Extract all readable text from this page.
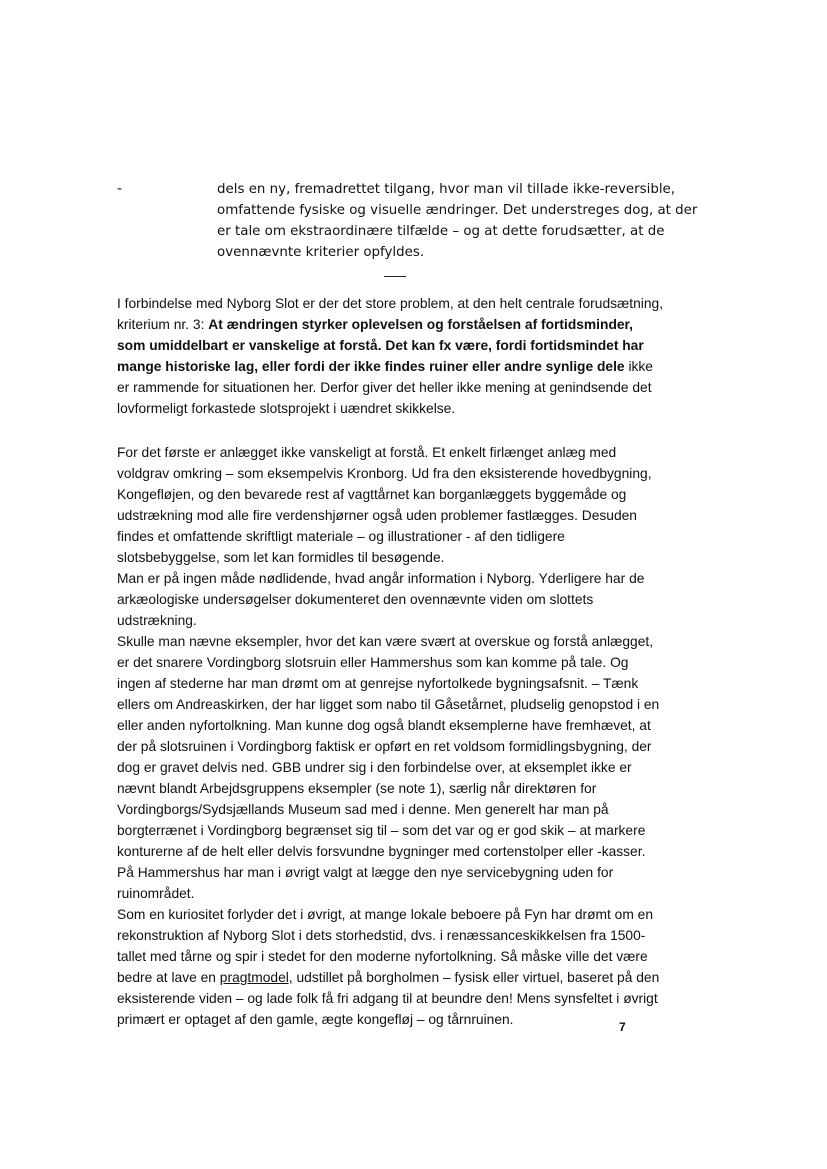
-	dels en ny, fremadrettet tilgang, hvor man vil tillade ikke-reversible,
omfattende fysiske og visuelle ændringer. Det understreges dog, at der
er tale om ekstraordinære tilfælde – og at dette forudsætter, at de
ovennævnte kriterier opfyldes.
I forbindelse med Nyborg Slot er der det store problem, at den helt centrale forudsætning,
kriterium nr. 3: At ændringen styrker oplevelsen og forståelsen af fortidsminder,
som umiddelbart er vanskelige at forstå. Det kan fx være, fordi fortidsmindet har
mange historiske lag, eller fordi der ikke findes ruiner eller andre synlige dele ikke
er rammende for situationen her. Derfor giver det heller ikke mening at genindsende det
lovformeligt forkastede slotsprojekt i uændret skikkelse.
For det første er anlægget ikke vanskeligt at forstå. Et enkelt firlænget anlæg med
voldgrav omkring – som eksempelvis Kronborg. Ud fra den eksisterende hovedbygning,
Kongefløjen, og den bevarede rest af vagttårnet kan borganlæggets byggemåde og
udstrækning mod alle fire verdenshjørner også uden problemer fastlægges. Desuden
findes et omfattende skriftligt materiale – og illustrationer - af den tidligere
slotsbebyggelse, som let kan formidles til besøgende.
Man er på ingen måde nødlidende, hvad angår information i Nyborg. Yderligere har de
arkæologiske undersøgelser dokumenteret den ovennævnte viden om slottets
udstrækning.
Skulle man nævne eksempler, hvor det kan være svært at overskue og forstå anlægget,
er det snarere Vordingborg slotsruin eller Hammershus som kan komme på tale. Og
ingen af stederne har man drømt om at genrejse nyfortolkede bygningsafsnit. – Tænk
ellers om Andreaskirken, der har ligget som nabo til Gåsetårnet, pludselig genopstod i en
eller anden nyfortolkning. Man kunne dog også blandt eksemplerne have fremhævet, at
der på slotsruinen i Vordingborg faktisk er opført en ret voldsom formidlingsbygning, der
dog er gravet delvis ned. GBB undrer sig i den forbindelse over, at eksemplet ikke er
nævnt blandt Arbejdsgruppens eksempler (se note 1), særlig når direktøren for
Vordingborgs/Sydsjællands Museum sad med i denne. Men generelt har man på
borgterrænet i Vordingborg begrænset sig til – som det var og er god skik – at markere
konturerne af de helt eller delvis forsvundne bygninger med cortenstolper eller -kasser.
På Hammershus har man i øvrigt valgt at lægge den nye servicebygning uden for
ruinområdet.
Som en kuriositet forlyder det i øvrigt, at mange lokale beboere på Fyn har drømt om en
rekonstruktion af Nyborg Slot i dets storhedstid, dvs. i renæssanceskikkelsen fra 1500-
tallet med tårne og spir i stedet for den moderne nyfortolkning. Så måske ville det være
bedre at lave en pragtmodel, udstillet på borgholmen – fysisk eller virtuel, baseret på den
eksisterende viden – og lade folk få fri adgang til at beundre den! Mens synsfeltet i øvrigt
primært er optaget af den gamle, ægte kongefløj – og tårnruinen.	7
